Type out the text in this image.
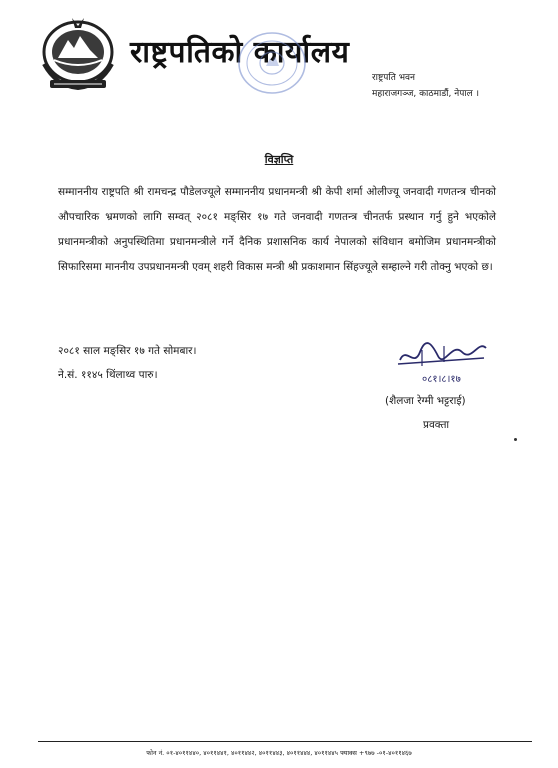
राष्ट्रपतिको कार्यालय
राष्ट्रपति भवन
महाराजगञ्ज, काठमाडौं, नेपाल ।
विज्ञप्ति
सम्माननीय राष्ट्रपति श्री रामचन्द्र पौडेलज्यूले सम्माननीय प्रधानमन्त्री श्री केपी शर्मा ओलीज्यू जनवादी गणतन्त्र चीनको औपचारिक भ्रमणको लागि सम्वत् २०८१ मङ्सिर १७ गते जनवादी गणतन्त्र चीनतर्फ प्रस्थान गर्नु हुने भएकोले प्रधानमन्त्रीको अनुपस्थितिमा प्रधानमन्त्रीले गर्ने दैनिक प्रशासनिक कार्य नेपालको संविधान बमोजिम प्रधानमन्त्रीको सिफारिसमा माननीय उपप्रधानमन्त्री एवम् शहरी विकास मन्त्री श्री प्रकाशमान सिंहज्यूले सम्हाल्ने गरी तोक्नु भएको छ।
२०८१ साल मङ्सिर १७ गते सोमबार।
ने.सं. ११४५ थिंलाथ्व पारु।	०८१।८।१७
(शैलजा रेग्मी भट्टराई)
प्रवक्ता
फोन नं. ०१-४०११४४०, ४०११४४१, ४०११४४२, ४०११४४३, ४०११४४४, ४०११४४५ फ्याक्स +९७७ -०१-४०११४६७
